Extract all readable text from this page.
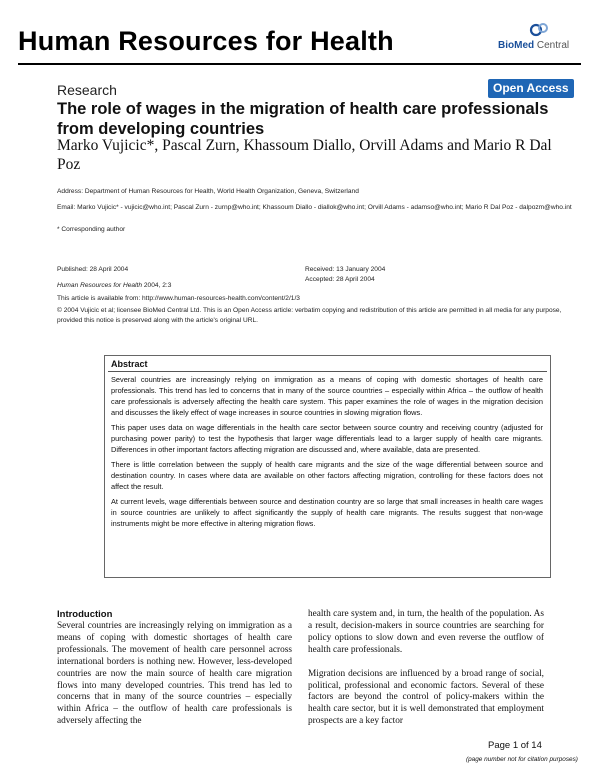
Human Resources for Health	BioMed Central
Research	Open Access
The role of wages in the migration of health care professionals from developing countries
Marko Vujicic*, Pascal Zurn, Khassoum Diallo, Orvill Adams and Mario R Dal Poz
Address: Department of Human Resources for Health, World Health Organization, Geneva, Switzerland
Email: Marko Vujicic* - vujicic@who.int; Pascal Zurn - zurnp@who.int; Khassoum Diallo - diallok@who.int; Orvill Adams - adamso@who.int; Mario R Dal Poz - dalpozm@who.int
* Corresponding author
Published: 28 April 2004	Received: 13 January 2004
Human Resources for Health 2004, 2:3
Accepted: 28 April 2004
This article is available from: http://www.human-resources-health.com/content/2/1/3
© 2004 Vujicic et al; licensee BioMed Central Ltd. This is an Open Access article: verbatim copying and redistribution of this article are permitted in all media for any purpose, provided this notice is preserved along with the article's original URL.
Abstract

Several countries are increasingly relying on immigration as a means of coping with domestic shortages of health care professionals. This trend has led to concerns that in many of the source countries – especially within Africa – the outflow of health care professionals is adversely affecting the health care system. This paper examines the role of wages in the migration decision and discusses the likely effect of wage increases in source countries in slowing migration flows.

This paper uses data on wage differentials in the health care sector between source country and receiving country (adjusted for purchasing power parity) to test the hypothesis that larger wage differentials lead to a larger supply of health care migrants. Differences in other important factors affecting migration are discussed and, where available, data are presented.

There is little correlation between the supply of health care migrants and the size of the wage differential between source and destination country. In cases where data are available on other factors affecting migration, controlling for these factors does not affect the result.

At current levels, wage differentials between source and destination country are so large that small increases in health care wages in source countries are unlikely to affect significantly the supply of health care migrants. The results suggest that non-wage instruments might be more effective in altering migration flows.

Introduction
Several countries are increasingly relying on immigration as a means of coping with domestic shortages of health care professionals. The movement of health care personnel across international borders is nothing new. However, less-developed countries are now the main source of health care migration flows into many developed countries. This trend has led to concerns that in many of the source countries – especially within Africa – the outflow of health care professionals is adversely affecting the

health care system and, in turn, the health of the population. As a result, decision-makers in source countries are searching for policy options to slow down and even reverse the outflow of health care professionals.

Migration decisions are influenced by a broad range of social, political, professional and economic factors. Several of these factors are beyond the control of policy-makers within the health care sector, but it is well demonstrated that employment prospects are a key factor

Page 1 of 14
(page number not for citation purposes)
